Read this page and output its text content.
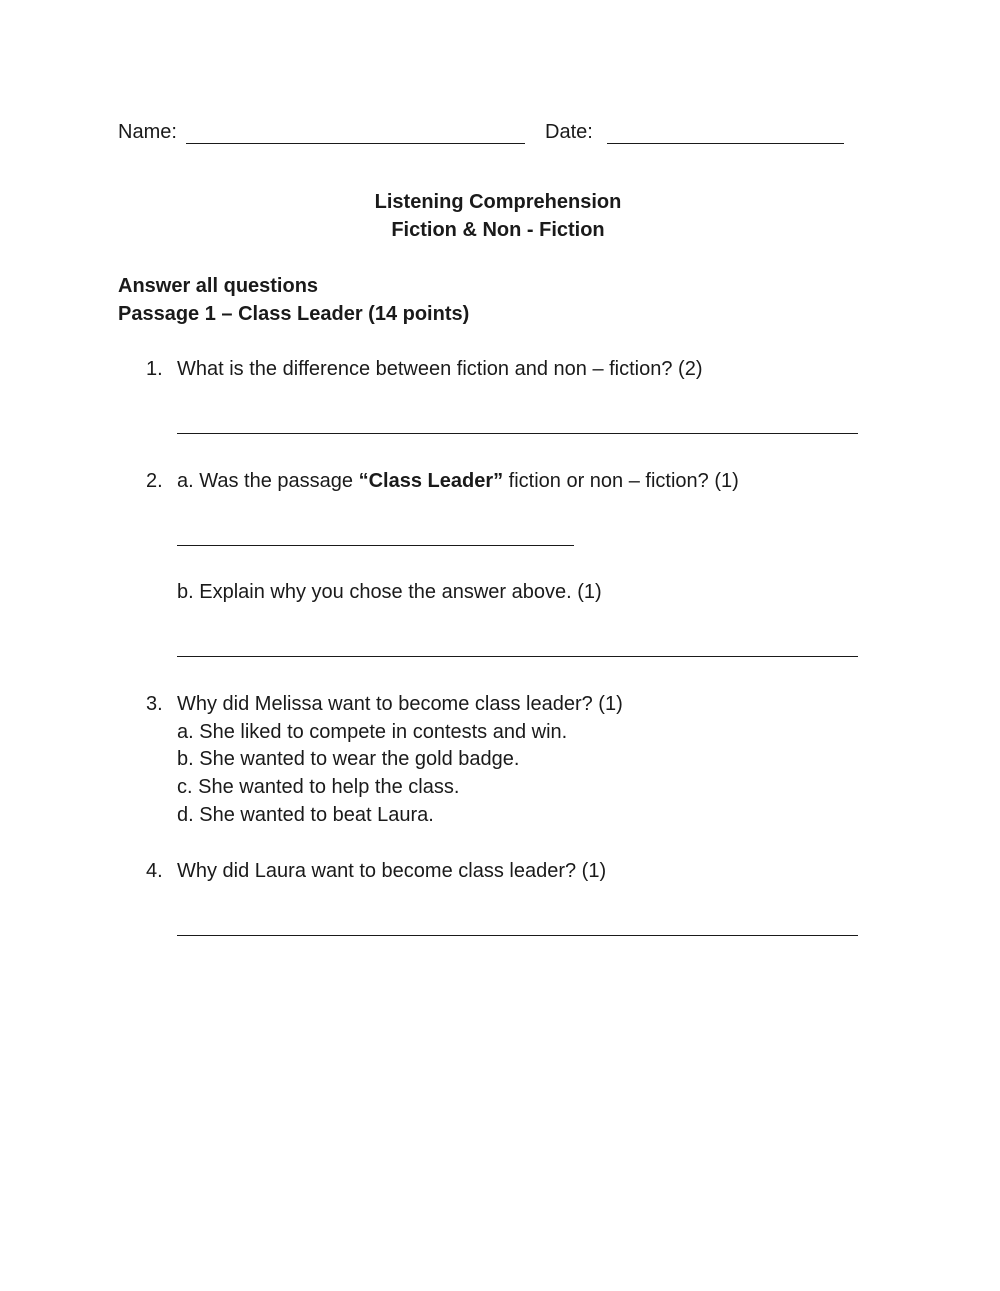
Name:	Date:
Listening Comprehension
Fiction & Non - Fiction
Answer all questions
Passage 1 – Class Leader (14 points)
1. What is the difference between fiction and non – fiction? (2)
2. a. Was the passage “Class Leader” fiction or non – fiction? (1)
b. Explain why you chose the answer above. (1)
3. Why did Melissa want to become class leader? (1)
a. She liked to compete in contests and win.
b. She wanted to wear the gold badge.
c. She wanted to help the class.
d. She wanted to beat Laura.
4. Why did Laura want to become class leader? (1)
